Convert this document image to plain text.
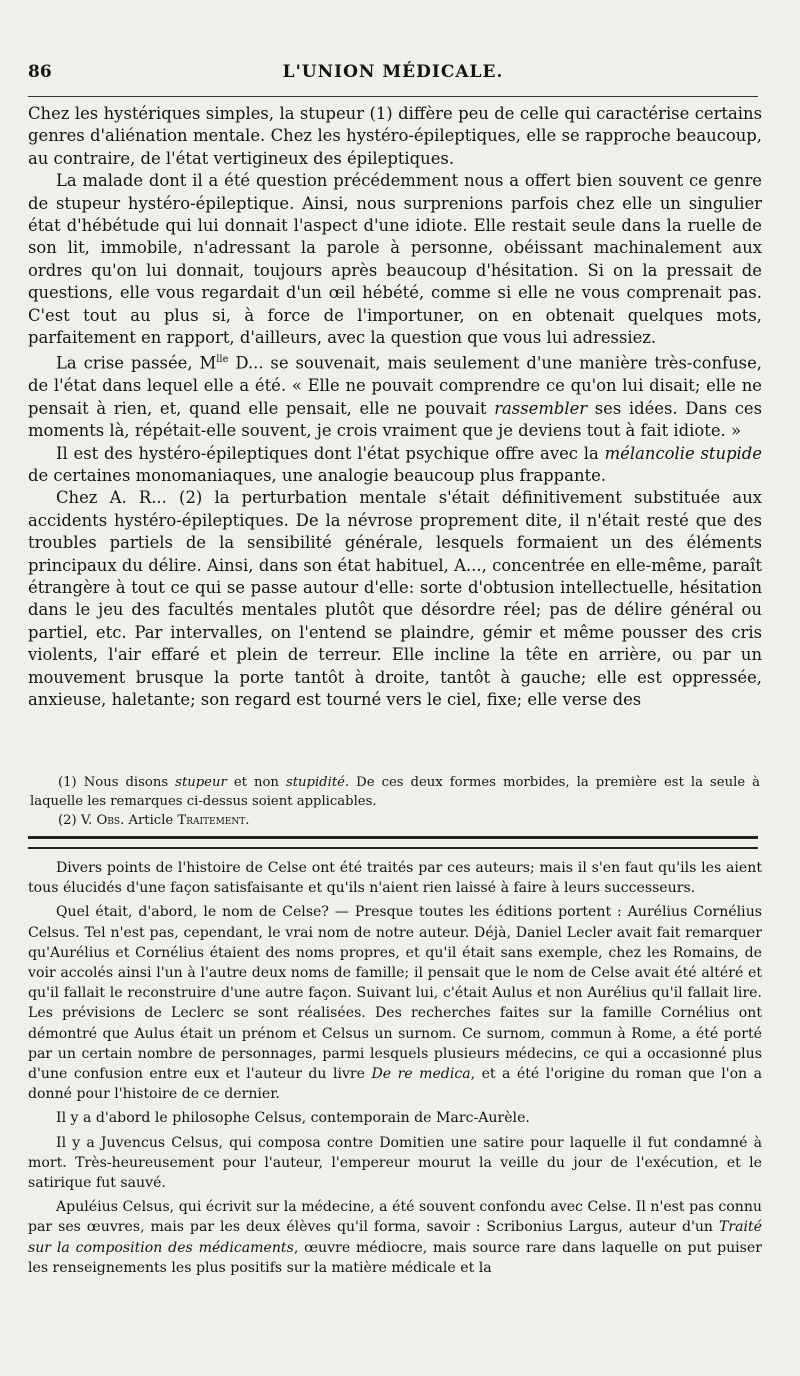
86	L'UNION MÉDICALE.

Chez les hystériques simples, la stupeur (1) diffère peu de celle qui caractérise certains genres d'aliénation mentale. Chez les hystéro-épileptiques, elle se rapproche beaucoup, au contraire, de l'état vertigineux des épileptiques.

La malade dont il a été question précédemment nous a offert bien souvent ce genre de stupeur hystéro-épileptique. Ainsi, nous surprenions parfois chez elle un singulier état d'hébétude qui lui donnait l'aspect d'une idiote. Elle restait seule dans la ruelle de son lit, immobile, n'adressant la parole à personne, obéissant machinalement aux ordres qu'on lui donnait, toujours après beaucoup d'hésitation. Si on la pressait de questions, elle vous regardait d'un œil hébété, comme si elle ne vous comprenait pas. C'est tout au plus si, à force de l'importuner, on en obtenait quelques mots, parfaitement en rapport, d'ailleurs, avec la question que vous lui adressiez.

La crise passée, $M^{lle}$ D... se souvenait, mais seulement d'une manière très-confuse, de l'état dans lequel elle a été. « Elle ne pouvait comprendre ce qu'on lui disait; elle ne pensait à rien, et, quand elle pensait, elle ne pouvait rassembler ses idées. Dans ces moments là, répétait-elle souvent, je crois vraiment que je deviens tout à fait idiote. »

Il est des hystéro-épileptiques dont l'état psychique offre avec la mélancolie stupide de certaines monomaniaques, une analogie beaucoup plus frappante.

Chez A. R... (2) la perturbation mentale s'était définitivement substituée aux accidents hystéro-épileptiques. De la névrose proprement dite, il n'était resté que des troubles partiels de la sensibilité générale, lesquels formaient un des éléments principaux du délire. Ainsi, dans son état habituel, A..., concentrée en elle-même, paraît étrangère à tout ce qui se passe autour d'elle: sorte d'obtusion intellectuelle, hésitation dans le jeu des facultés mentales plutôt que désordre réel; pas de délire général ou partiel, etc. Par intervalles, on l'entend se plaindre, gémir et même pousser des cris violents, l'air effaré et plein de terreur. Elle incline la tête en arrière, ou par un mouvement brusque la porte tantôt à droite, tantôt à gauche; elle est oppressée, anxieuse, haletante; son regard est tourné vers le ciel, fixe; elle verse des

(1) Nous disons stupeur et non stupidité. De ces deux formes morbides, la première est la seule à laquelle les remarques ci-dessus soient applicables.

(2) V. Obs. Article Traitement.

Divers points de l'histoire de Celse ont été traités par ces auteurs; mais il s'en faut qu'ils les aient tous élucidés d'une façon satisfaisante et qu'ils n'aient rien laissé à faire à leurs successeurs.

Quel était, d'abord, le nom de Celse? — Presque toutes les éditions portent : Aurélius Cornélius Celsus. Tel n'est pas, cependant, le vrai nom de notre auteur. Déjà, Daniel Lecler avait fait remarquer qu'Aurélius et Cornélius étaient des noms propres, et qu'il était sans exemple, chez les Romains, de voir accolés ainsi l'un à l'autre deux noms de famille; il pensait que le nom de Celse avait été altéré et qu'il fallait le reconstruire d'une autre façon. Suivant lui, c'était Aulus et non Aurélius qu'il fallait lire. Les prévisions de Leclerc se sont réalisées. Des recherches faites sur la famille Cornélius ont démontré que Aulus était un prénom et Celsus un surnom. Ce surnom, commun à Rome, a été porté par un certain nombre de personnages, parmi lesquels plusieurs médecins, ce qui a occasionné plus d'une confusion entre eux et l'auteur du livre De re medica, et a été l'origine du roman que l'on a donné pour l'histoire de ce dernier.

Il y a d'abord le philosophe Celsus, contemporain de Marc-Aurèle.

Il y a Juvencus Celsus, qui composa contre Domitien une satire pour laquelle il fut condamné à mort. Très-heureusement pour l'auteur, l'empereur mourut la veille du jour de l'exécution, et le satirique fut sauvé.

Apuléius Celsus, qui écrivit sur la médecine, a été souvent confondu avec Celse. Il n'est pas connu par ses œuvres, mais par les deux élèves qu'il forma, savoir : Scribonius Largus, auteur d'un Traité sur la composition des médicaments, œuvre médiocre, mais source rare dans laquelle on put puiser les renseignements les plus positifs sur la matière médicale et la
